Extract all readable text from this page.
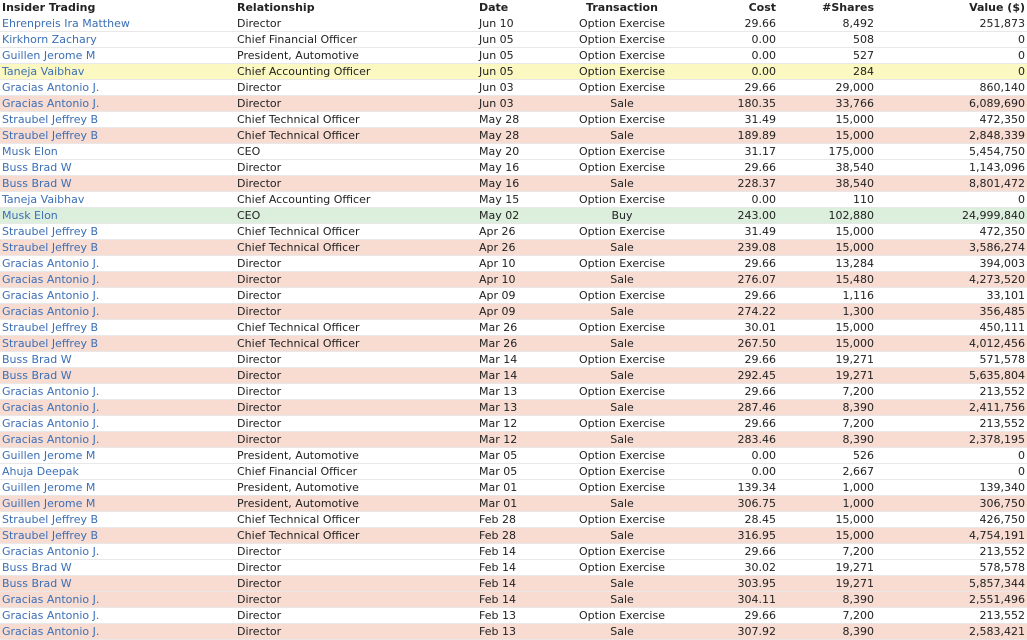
Insider Trading	Relationship	Date	Transaction	Cost	#Shares	Value ($)
Ehrenpreis Ira Matthew	Director	Jun 10	Option Exercise	29.66	8,492	251,873
Kirkhorn Zachary	Chief Financial Officer	Jun 05	Option Exercise	0.00	508	0
Guillen Jerome M	President, Automotive	Jun 05	Option Exercise	0.00	527	0
Taneja Vaibhav	Chief Accounting Officer	Jun 05	Option Exercise	0.00	284	0
Gracias Antonio J.	Director	Jun 03	Option Exercise	29.66	29,000	860,140
Gracias Antonio J.	Director	Jun 03	Sale	180.35	33,766	6,089,690
Straubel Jeffrey B	Chief Technical Officer	May 28	Option Exercise	31.49	15,000	472,350
Straubel Jeffrey B	Chief Technical Officer	May 28	Sale	189.89	15,000	2,848,339
Musk Elon	CEO	May 20	Option Exercise	31.17	175,000	5,454,750
Buss Brad W	Director	May 16	Option Exercise	29.66	38,540	1,143,096
Buss Brad W	Director	May 16	Sale	228.37	38,540	8,801,472
Taneja Vaibhav	Chief Accounting Officer	May 15	Option Exercise	0.00	110	0
Musk Elon	CEO	May 02	Buy	243.00	102,880	24,999,840
Straubel Jeffrey B	Chief Technical Officer	Apr 26	Option Exercise	31.49	15,000	472,350
Straubel Jeffrey B	Chief Technical Officer	Apr 26	Sale	239.08	15,000	3,586,274
Gracias Antonio J.	Director	Apr 10	Option Exercise	29.66	13,284	394,003
Gracias Antonio J.	Director	Apr 10	Sale	276.07	15,480	4,273,520
Gracias Antonio J.	Director	Apr 09	Option Exercise	29.66	1,116	33,101
Gracias Antonio J.	Director	Apr 09	Sale	274.22	1,300	356,485
Straubel Jeffrey B	Chief Technical Officer	Mar 26	Option Exercise	30.01	15,000	450,111
Straubel Jeffrey B	Chief Technical Officer	Mar 26	Sale	267.50	15,000	4,012,456
Buss Brad W	Director	Mar 14	Option Exercise	29.66	19,271	571,578
Buss Brad W	Director	Mar 14	Sale	292.45	19,271	5,635,804
Gracias Antonio J.	Director	Mar 13	Option Exercise	29.66	7,200	213,552
Gracias Antonio J.	Director	Mar 13	Sale	287.46	8,390	2,411,756
Gracias Antonio J.	Director	Mar 12	Option Exercise	29.66	7,200	213,552
Gracias Antonio J.	Director	Mar 12	Sale	283.46	8,390	2,378,195
Guillen Jerome M	President, Automotive	Mar 05	Option Exercise	0.00	526	0
Ahuja Deepak	Chief Financial Officer	Mar 05	Option Exercise	0.00	2,667	0
Guillen Jerome M	President, Automotive	Mar 01	Option Exercise	139.34	1,000	139,340
Guillen Jerome M	President, Automotive	Mar 01	Sale	306.75	1,000	306,750
Straubel Jeffrey B	Chief Technical Officer	Feb 28	Option Exercise	28.45	15,000	426,750
Straubel Jeffrey B	Chief Technical Officer	Feb 28	Sale	316.95	15,000	4,754,191
Gracias Antonio J.	Director	Feb 14	Option Exercise	29.66	7,200	213,552
Buss Brad W	Director	Feb 14	Option Exercise	30.02	19,271	578,578
Buss Brad W	Director	Feb 14	Sale	303.95	19,271	5,857,344
Gracias Antonio J.	Director	Feb 14	Sale	304.11	8,390	2,551,496
Gracias Antonio J.	Director	Feb 13	Option Exercise	29.66	7,200	213,552
Gracias Antonio J.	Director	Feb 13	Sale	307.92	8,390	2,583,421
